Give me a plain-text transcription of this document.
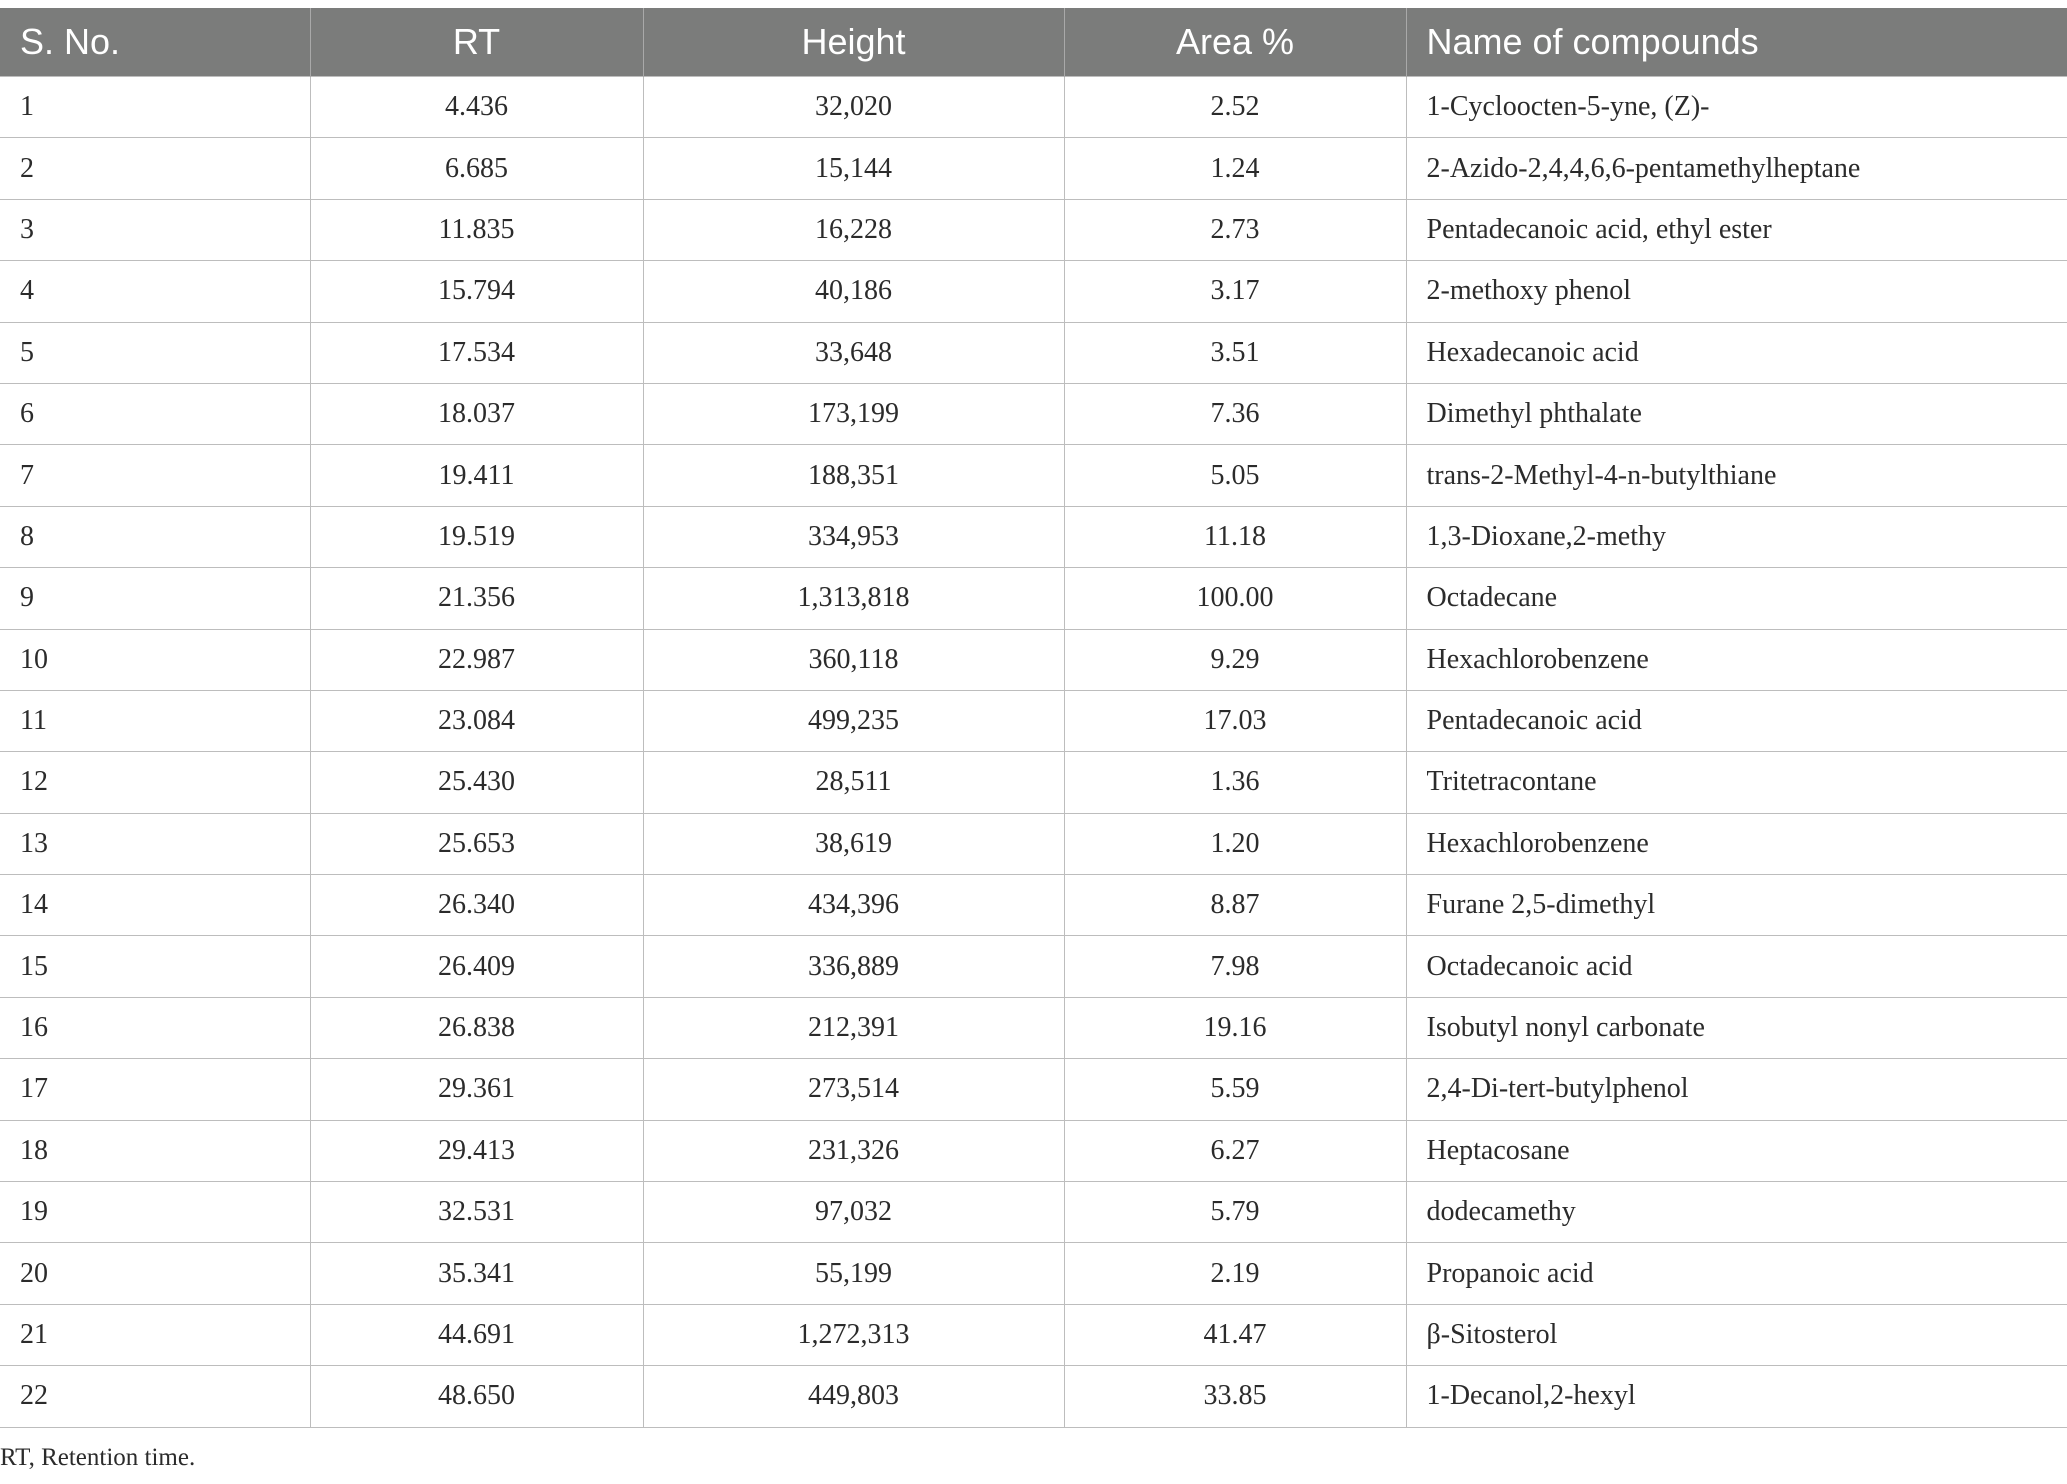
S. No.	RT	Height	Area %	Name of compounds
1	4.436	32,020	2.52	1-Cycloocten-5-yne, (Z)-
2	6.685	15,144	1.24	2-Azido-2,4,4,6,6-pentamethylheptane
3	11.835	16,228	2.73	Pentadecanoic acid, ethyl ester
4	15.794	40,186	3.17	2-methoxy phenol
5	17.534	33,648	3.51	Hexadecanoic acid
6	18.037	173,199	7.36	Dimethyl phthalate
7	19.411	188,351	5.05	trans-2-Methyl-4-n-butylthiane
8	19.519	334,953	11.18	1,3-Dioxane,2-methy
9	21.356	1,313,818	100.00	Octadecane
10	22.987	360,118	9.29	Hexachlorobenzene
11	23.084	499,235	17.03	Pentadecanoic acid
12	25.430	28,511	1.36	Tritetracontane
13	25.653	38,619	1.20	Hexachlorobenzene
14	26.340	434,396	8.87	Furane 2,5-dimethyl
15	26.409	336,889	7.98	Octadecanoic acid
16	26.838	212,391	19.16	Isobutyl nonyl carbonate
17	29.361	273,514	5.59	2,4-Di-tert-butylphenol
18	29.413	231,326	6.27	Heptacosane
19	32.531	97,032	5.79	dodecamethy
20	35.341	55,199	2.19	Propanoic acid
21	44.691	1,272,313	41.47	β-Sitosterol
22	48.650	449,803	33.85	1-Decanol,2-hexyl
RT, Retention time.
